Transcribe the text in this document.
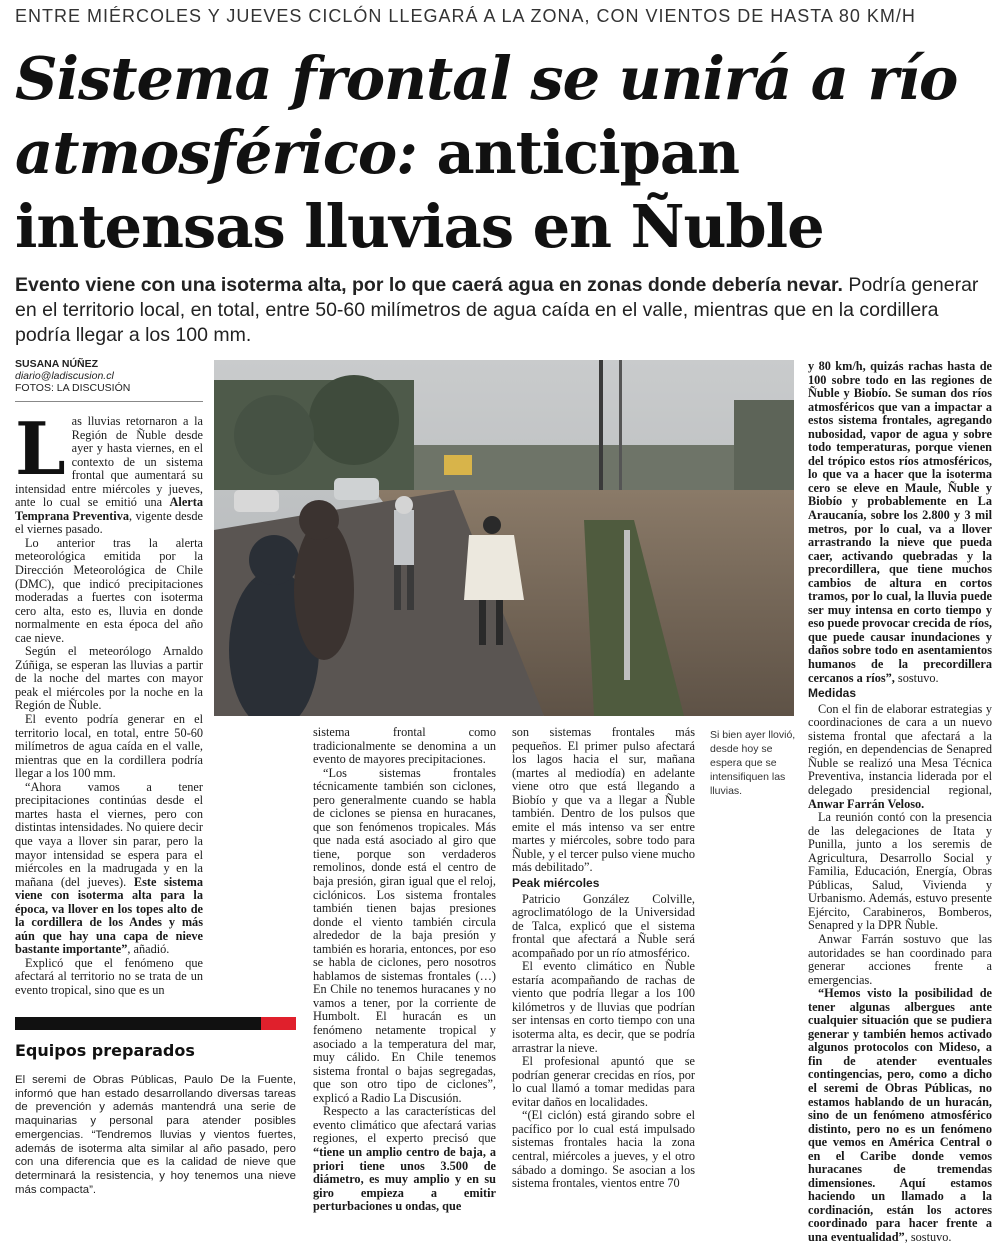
ENTRE MIÉRCOLES Y JUEVES CICLÓN LLEGARÁ A LA ZONA, CON VIENTOS DE HASTA 80 KM/H
Sistema frontal se unirá a río atmosférico: anticipan intensas lluvias en Ñuble
Evento viene con una isoterma alta, por lo que caerá agua en zonas donde debería nevar. Podría generar en el territorio local, en total, entre 50-60 milímetros de agua caída en el valle, mientras que en la cordillera podría llegar a los 100 mm.
SUSANA NÚÑEZ
diario@ladiscusion.cl
FOTOS: LA DISCUSIÓN

Las lluvias retornaron a la Región de Ñuble desde ayer y hasta viernes, en el contexto de un sistema frontal que aumentará su intensidad entre miércoles y jueves, ante lo cual se emitió una Alerta Temprana Preventiva, vigente desde el viernes pasado.

Lo anterior tras la alerta meteorológica emitida por la Dirección Meteorológica de Chile (DMC), que indicó precipitaciones moderadas a fuertes con isoterma cero alta, esto es, lluvia en donde normalmente en esta época del año cae nieve.

Según el meteorólogo Arnaldo Zúñiga, se esperan las lluvias a partir de la noche del martes con mayor peak el miércoles por la noche en la Región de Ñuble.

El evento podría generar en el territorio local, en total, entre 50-60 milímetros de agua caída en el valle, mientras que en la cordillera podría llegar a los 100 mm.

“Ahora vamos a tener precipitaciones continúas desde el martes hasta el viernes, pero con distintas intensidades. No quiere decir que vaya a llover sin parar, pero la mayor intensidad se espera para el miércoles en la madrugada y en la mañana (del jueves). Este sistema viene con isoterma alta para la época, va llover en los topes alto de la cordillera de los Andes y más aún que hay una capa de nieve bastante importante”, añadió.

Explicó que el fenómeno que afectará al territorio no se trata de un evento tropical, sino que es un

Si bien ayer llovió, desde hoy se espera que se intensifiquen las lluvias.

sistema frontal como tradicionalmente se denomina a un evento de mayores precipitaciones.

“Los sistemas frontales técnicamente también son ciclones, pero generalmente cuando se habla de ciclones se piensa en huracanes, que son fenómenos tropicales. Más que nada está asociado al giro que tiene, porque son verdaderos remolinos, donde está el centro de baja presión, giran igual que el reloj, ciclónicos. Los sistema frontales también tienen bajas presiones donde el viento también circula alrededor de la baja presión y también es horaria, entonces, por eso se habla de ciclones, pero nosotros hablamos de sistemas frontales (…) En Chile no tenemos huracanes y no vamos a tener, por la corriente de Humbolt. El huracán es un fenómeno netamente tropical y asociado a la temperatura del mar, muy cálido. En Chile tenemos sistema frontal o bajas segregadas, que son otro tipo de ciclones”, explicó a Radio La Discusión.

Respecto a las características del evento climático que afectará varias regiones, el experto precisó que “tiene un amplio centro de baja, a priori tiene unos 3.500 de diámetro, es muy amplio y en su giro empieza a emitir perturbaciones u ondas, que

son sistemas frontales más pequeños. El primer pulso afectará los lagos hacia el sur, mañana (martes al mediodía) en adelante viene otro que está llegando a Biobío y que va a llegar a Ñuble también. Dentro de los pulsos que emite el más intenso va ser entre martes y miércoles, sobre todo para Ñuble, y el tercer pulso viene mucho más debilitado”.

Peak miércoles

Patricio González Colville, agroclimatólogo de la Universidad de Talca, explicó que el sistema frontal que afectará a Ñuble será acompañado por un río atmosférico.

El evento climático en Ñuble estaría acompañando de rachas de viento que podría llegar a los 100 kilómetros y de lluvias que podrían ser intensas en corto tiempo con una isoterma alta, es decir, que se podría arrastrar la nieve.

El profesional apuntó que se podrían generar crecidas en ríos, por lo cual llamó a tomar medidas para evitar daños en localidades.

“(El ciclón) está girando sobre el pacífico por lo cual está impulsado sistemas frontales hacia la zona central, miércoles a jueves, y el otro sábado a domingo. Se asocian a los sistema frontales, vientos entre 70

y 80 km/h, quizás rachas hasta de 100 sobre todo en las regiones de Ñuble y Biobío. Se suman dos ríos atmosféricos que van a impactar a estos sistema frontales, agregando nubosidad, vapor de agua y sobre todo temperaturas, porque vienen del trópico estos ríos atmosféricos, lo que va a hacer que la isoterma cero se eleve en Maule, Ñuble y Biobío y probablemente en La Araucanía, sobre los 2.800 y 3 mil metros, por lo cual, va a llover arrastrando la nieve que pueda caer, activando quebradas y la precordillera, que tiene muchos cambios de altura en cortos tramos, por lo cual, la lluvia puede ser muy intensa en corto tiempo y eso puede provocar crecida de ríos, que puede causar inundaciones y daños sobre todo en asentamientos humanos de la precordillera cercanos a ríos”, sostuvo.

Medidas

Con el fin de elaborar estrategias y coordinaciones de cara a un nuevo sistema frontal que afectará a la región, en dependencias de Senapred Ñuble se realizó una Mesa Técnica Preventiva, instancia liderada por el delegado presidencial regional, Anwar Farrán Veloso.

La reunión contó con la presencia de las delegaciones de Itata y Punilla, junto a los seremis de Agricultura, Desarrollo Social y Familia, Educación, Energía, Obras Públicas, Salud, Vivienda y Urbanismo. Además, estuvo presente Ejército, Carabineros, Bomberos, Senapred y la DPR Ñuble.

Anwar Farrán sostuvo que las autoridades se han coordinado para generar acciones frente a emergencias.

“Hemos visto la posibilidad de tener algunas albergues ante cualquier situación que se pudiera generar y también hemos activado algunos protocolos con Mideso, a fin de atender eventuales contingencias, pero, como a dicho el seremi de Obras Públicas, no estamos hablando de un huracán, sino de un fenómeno atmosférico distinto, pero no es un fenómeno que vemos en América Central o en el Caribe donde vemos huracanes de tremendas dimensiones. Aquí estamos haciendo un llamado a la cordinación, están los actores coordinado para hacer frente a una eventualidad”, sostuvo.

Equipos preparados
El seremi de Obras Públicas, Paulo De la Fuente, informó que han estado desarrollando diversas tareas de prevención y además mantendrá una serie de maquinarias y personal para atender posibles emergencias. “Tendremos lluvias y vientos fuertes, además de isoterma alta similar al año pasado, pero con una diferencia que es la calidad de nieve que determinará la resistencia, y hoy tenemos una nieve más compacta”.
